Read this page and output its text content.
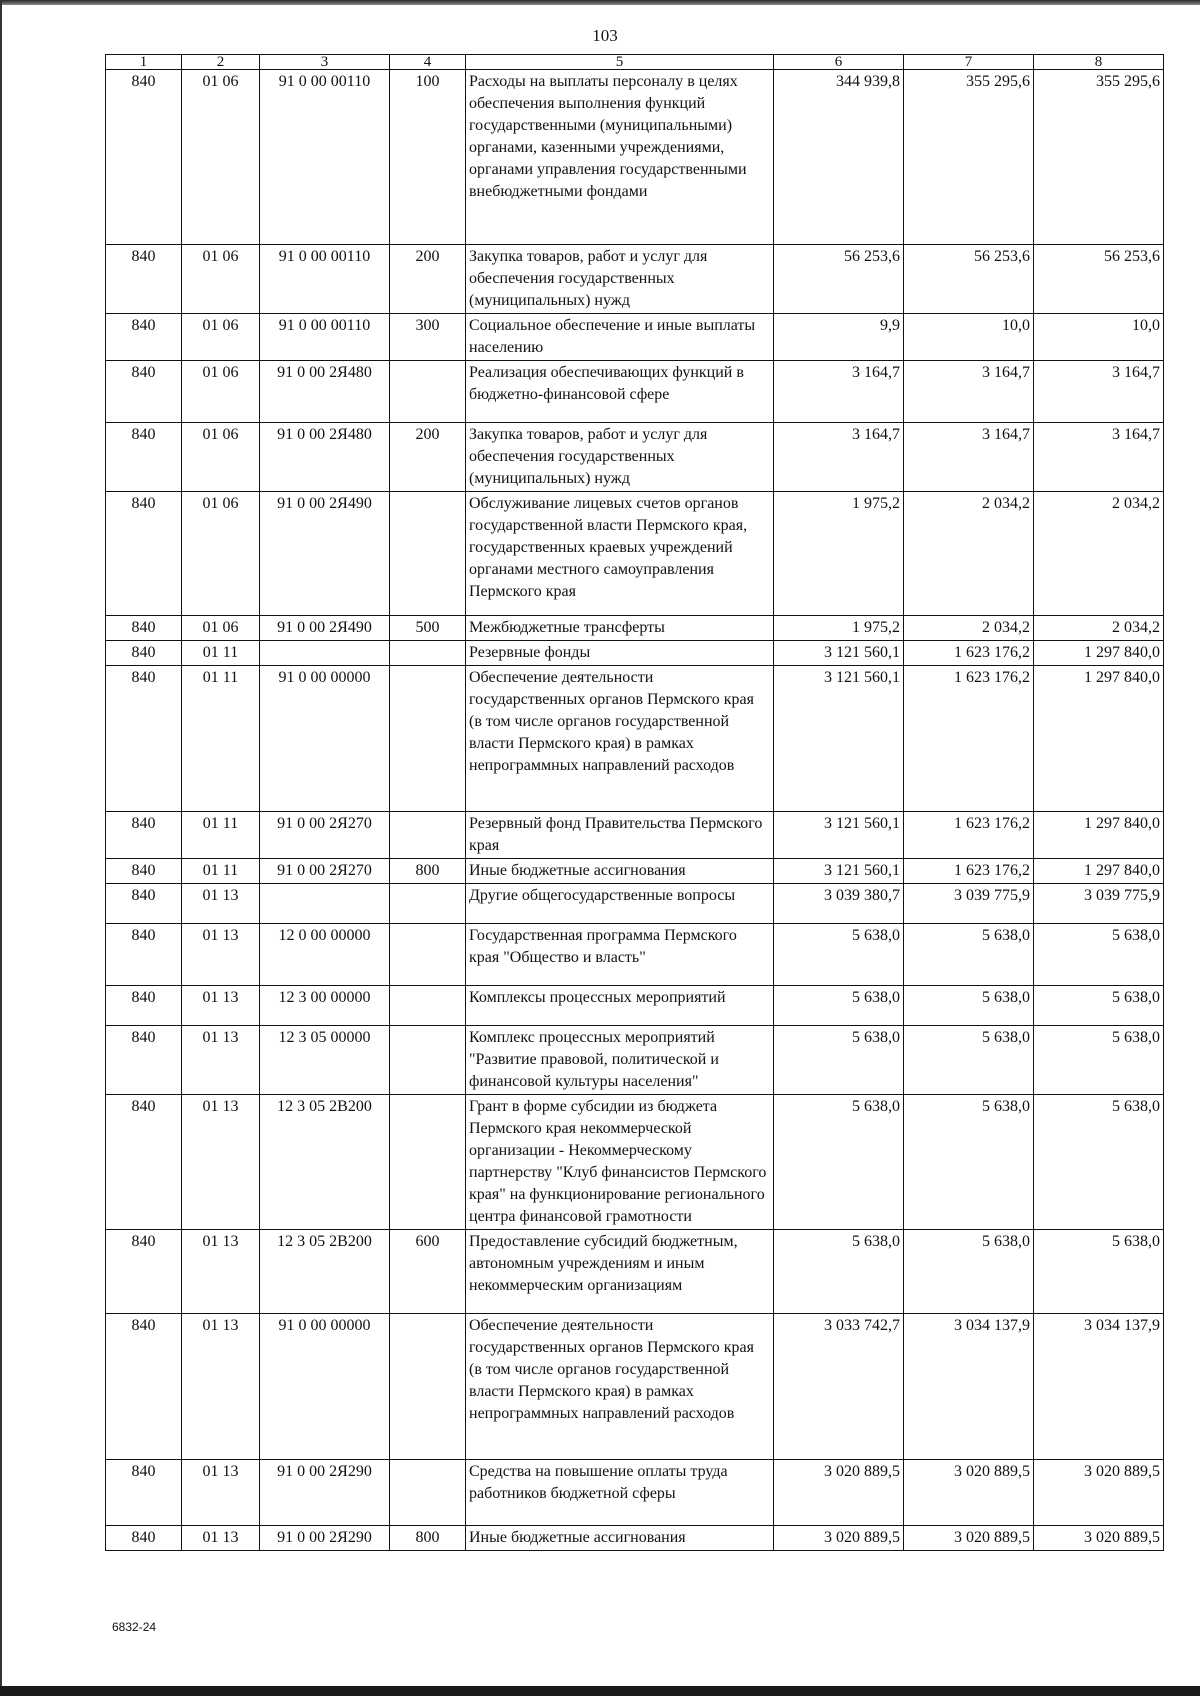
103
1	2	3	4	5	6	7	8
840	01 06	91 0 00 00110	100	Расходы на выплаты персоналу в целях обеспечения выполнения функций государственными (муниципальными) органами, казенными учреждениями, органами управления государственными внебюджетными фондами	344 939,8	355 295,6	355 295,6
840	01 06	91 0 00 00110	200	Закупка товаров, работ и услуг для обеспечения государственных (муниципальных) нужд	56 253,6	56 253,6	56 253,6
840	01 06	91 0 00 00110	300	Социальное обеспечение и иные выплаты населению	9,9	10,0	10,0
840	01 06	91 0 00 2Я480		Реализация обеспечивающих функций в бюджетно-финансовой сфере	3 164,7	3 164,7	3 164,7
840	01 06	91 0 00 2Я480	200	Закупка товаров, работ и услуг для обеспечения государственных (муниципальных) нужд	3 164,7	3 164,7	3 164,7
840	01 06	91 0 00 2Я490		Обслуживание лицевых счетов органов государственной власти Пермского края, государственных краевых учреждений органами местного самоуправления Пермского края	1 975,2	2 034,2	2 034,2
840	01 06	91 0 00 2Я490	500	Межбюджетные трансферты	1 975,2	2 034,2	2 034,2
840	01 11			Резервные фонды	3 121 560,1	1 623 176,2	1 297 840,0
840	01 11	91 0 00 00000		Обеспечение деятельности государственных органов Пермского края (в том числе органов государственной власти Пермского края) в рамках непрограммных направлений расходов	3 121 560,1	1 623 176,2	1 297 840,0
840	01 11	91 0 00 2Я270		Резервный фонд Правительства Пермского края	3 121 560,1	1 623 176,2	1 297 840,0
840	01 11	91 0 00 2Я270	800	Иные бюджетные ассигнования	3 121 560,1	1 623 176,2	1 297 840,0
840	01 13			Другие общегосударственные вопросы	3 039 380,7	3 039 775,9	3 039 775,9
840	01 13	12 0 00 00000		Государственная программа Пермского края "Общество и власть"	5 638,0	5 638,0	5 638,0
840	01 13	12 3 00 00000		Комплексы процессных мероприятий	5 638,0	5 638,0	5 638,0
840	01 13	12 3 05 00000		Комплекс процессных мероприятий "Развитие правовой, политической и финансовой культуры населения"	5 638,0	5 638,0	5 638,0
840	01 13	12 3 05 2В200		Грант в форме субсидии из бюджета Пермского края некоммерческой организации - Некоммерческому партнерству "Клуб финансистов Пермского края" на функционирование регионального центра финансовой грамотности	5 638,0	5 638,0	5 638,0
840	01 13	12 3 05 2В200	600	Предоставление субсидий бюджетным, автономным учреждениям и иным некоммерческим организациям	5 638,0	5 638,0	5 638,0
840	01 13	91 0 00 00000		Обеспечение деятельности государственных органов Пермского края (в том числе органов государственной власти Пермского края) в рамках непрограммных направлений расходов	3 033 742,7	3 034 137,9	3 034 137,9
840	01 13	91 0 00 2Я290		Средства на повышение оплаты труда работников бюджетной сферы	3 020 889,5	3 020 889,5	3 020 889,5
840	01 13	91 0 00 2Я290	800	Иные бюджетные ассигнования	3 020 889,5	3 020 889,5	3 020 889,5
6832-24
